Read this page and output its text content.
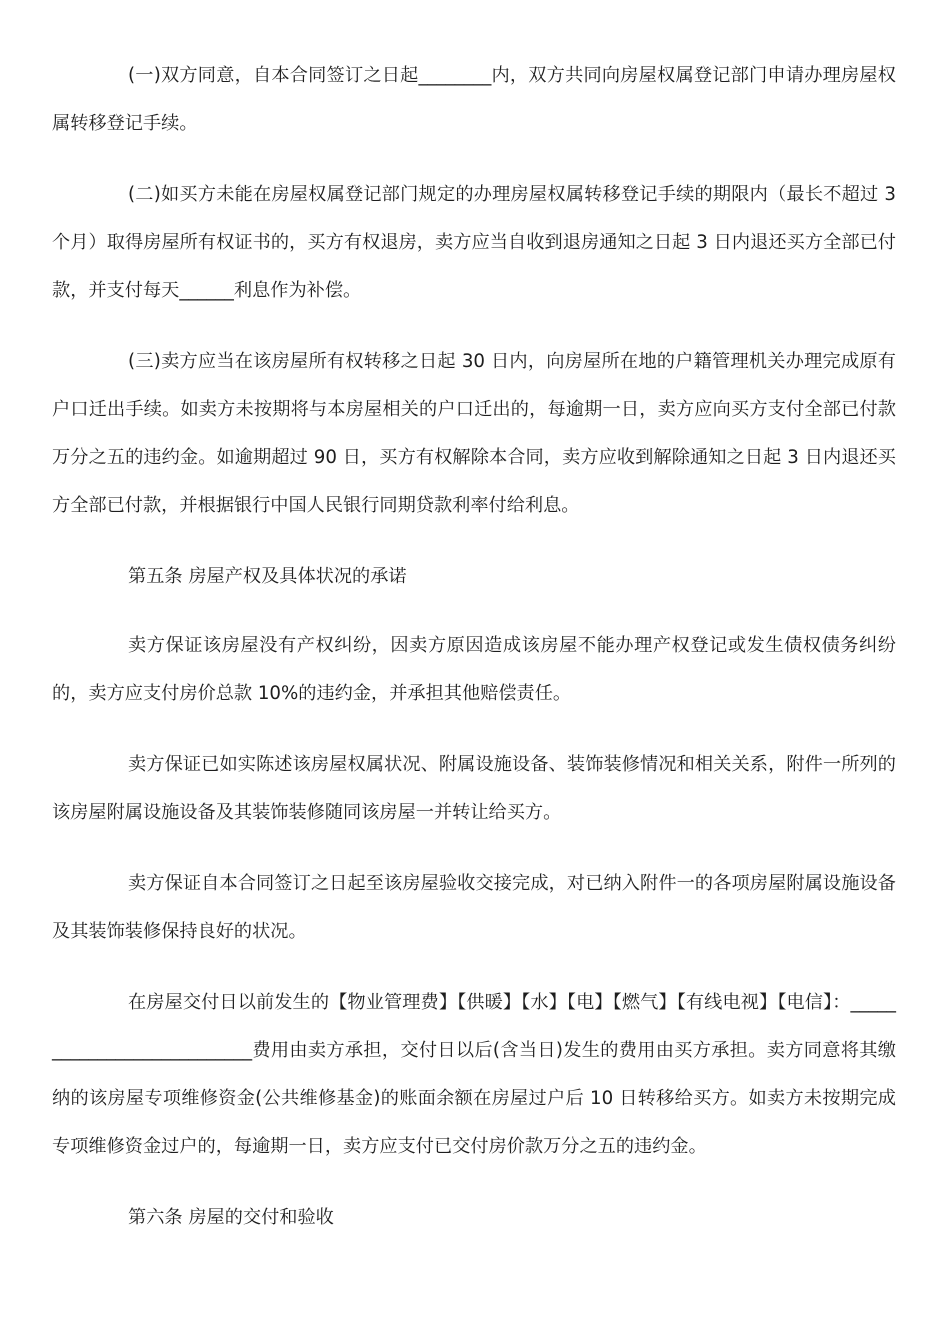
(一)双方同意，自本合同签订之日起________内，双方共同向房屋权属登记部门申请办理房屋权属转移登记手续。

(二)如买方未能在房屋权属登记部门规定的办理房屋权属转移登记手续的期限内（最长不超过 3 个月）取得房屋所有权证书的，买方有权退房，卖方应当自收到退房通知之日起 3 日内退还买方全部已付款，并支付每天______利息作为补偿。

(三)卖方应当在该房屋所有权转移之日起 30 日内，向房屋所在地的户籍管理机关办理完成原有户口迁出手续。如卖方未按期将与本房屋相关的户口迁出的，每逾期一日，卖方应向买方支付全部已付款万分之五的违约金。如逾期超过 90 日，买方有权解除本合同，卖方应收到解除通知之日起 3 日内退还买方全部已付款，并根据银行中国人民银行同期贷款利率付给利息。

第五条 房屋产权及具体状况的承诺

卖方保证该房屋没有产权纠纷，因卖方原因造成该房屋不能办理产权登记或发生债权债务纠纷的，卖方应支付房价总款 10%的违约金，并承担其他赔偿责任。

卖方保证已如实陈述该房屋权属状况、附属设施设备、装饰装修情况和相关关系，附件一所列的该房屋附属设施设备及其装饰装修随同该房屋一并转让给买方。

卖方保证自本合同签订之日起至该房屋验收交接完成，对已纳入附件一的各项房屋附属设施设备及其装饰装修保持良好的状况。

在房屋交付日以前发生的【物业管理费】【供暖】【水】【电】【燃气】【有线电视】【电信】：___________________________费用由卖方承担，交付日以后(含当日)发生的费用由买方承担。卖方同意将其缴纳的该房屋专项维修资金(公共维修基金)的账面余额在房屋过户后 10 日转移给买方。如卖方未按期完成专项维修资金过户的，每逾期一日，卖方应支付已交付房价款万分之五的违约金。

第六条 房屋的交付和验收
